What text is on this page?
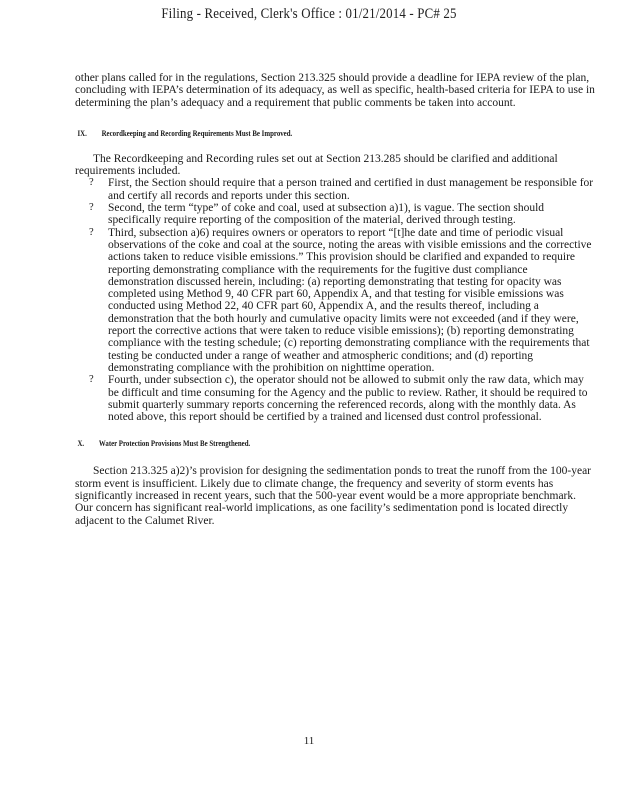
Filing - Received, Clerk's Office : 01/21/2014 - PC# 25

other plans called for in the regulations, Section 213.325 should provide a deadline for IEPA review of the plan, concluding with IEPA’s determination of its adequacy, as well as specific, health-based criteria for IEPA to use in determining the plan’s adequacy and a requirement that public comments be taken into account.

IX. Recordkeeping and Recording Requirements Must Be Improved.

The Recordkeeping and Recording rules set out at Section 213.285 should be clarified and additional requirements included.

? First, the Section should require that a person trained and certified in dust management be responsible for and certify all records and reports under this section.
? Second, the term “type” of coke and coal, used at subsection a)1), is vague. The section should specifically require reporting of the composition of the material, derived through testing.
? Third, subsection a)6) requires owners or operators to report “[t]he date and time of periodic visual observations of the coke and coal at the source, noting the areas with visible emissions and the corrective actions taken to reduce visible emissions.” This provision should be clarified and expanded to require reporting demonstrating compliance with the requirements for the fugitive dust compliance demonstration discussed herein, including: (a) reporting demonstrating that testing for opacity was completed using Method 9, 40 CFR part 60, Appendix A, and that testing for visible emissions was conducted using Method 22, 40 CFR part 60, Appendix A, and the results thereof, including a demonstration that the both hourly and cumulative opacity limits were not exceeded (and if they were, report the corrective actions that were taken to reduce visible emissions); (b) reporting demonstrating compliance with the testing schedule; (c) reporting demonstrating compliance with the requirements that testing be conducted under a range of weather and atmospheric conditions; and (d) reporting demonstrating compliance with the prohibition on nighttime operation.
? Fourth, under subsection c), the operator should not be allowed to submit only the raw data, which may be difficult and time consuming for the Agency and the public to review. Rather, it should be required to submit quarterly summary reports concerning the referenced records, along with the monthly data. As noted above, this report should be certified by a trained and licensed dust control professional.
X. Water Protection Provisions Must Be Strengthened.

Section 213.325 a)2)’s provision for designing the sedimentation ponds to treat the runoff from the 100-year storm event is insufficient. Likely due to climate change, the frequency and severity of storm events has significantly increased in recent years, such that the 500-year event would be a more appropriate benchmark. Our concern has significant real-world implications, as one facility’s sedimentation pond is located directly adjacent to the Calumet River.

11
